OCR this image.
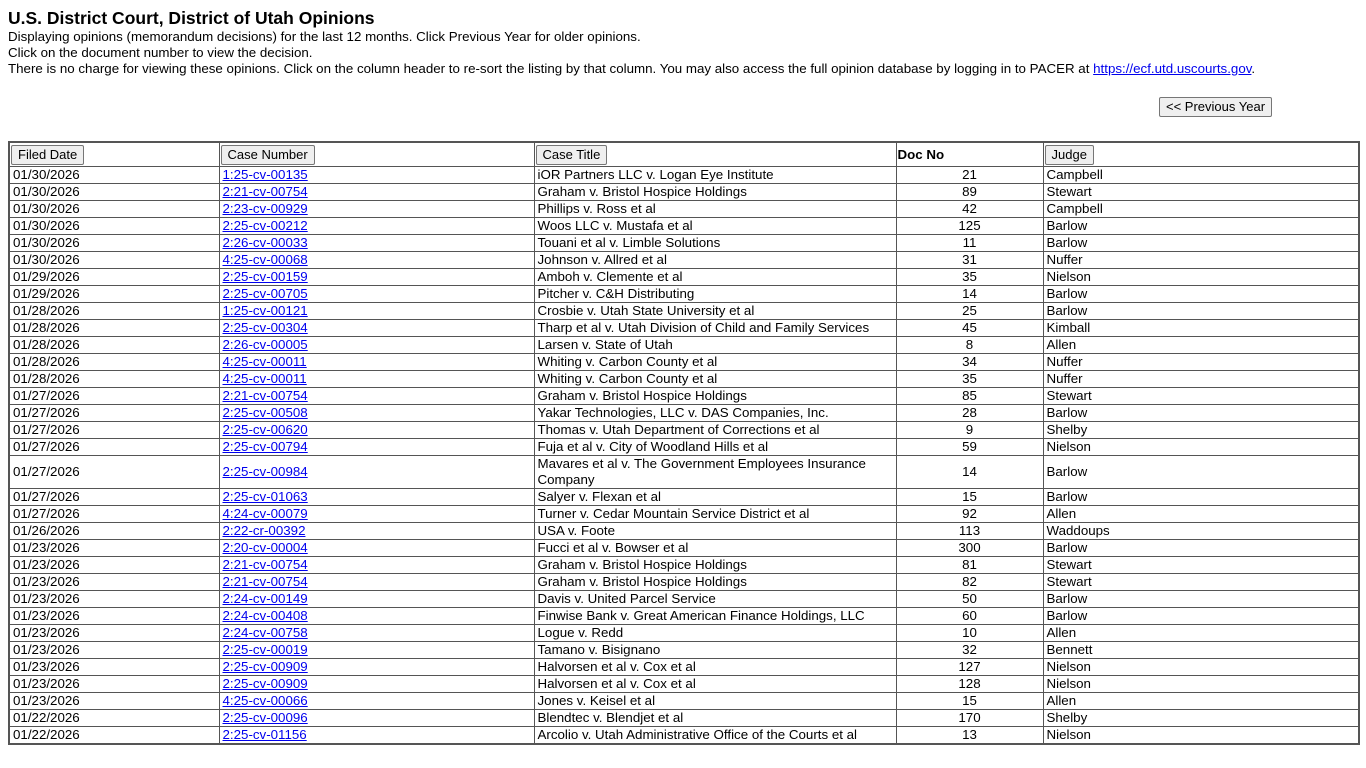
U.S. District Court, District of Utah Opinions

Displaying opinions (memorandum decisions) for the last 12 months. Click Previous Year for older opinions.

Click on the document number to view the decision.

There is no charge for viewing these opinions. Click on the column header to re-sort the listing by that column. You may also access the full opinion database by logging in to PACER at https://ecf.utd.uscourts.gov.

<< Previous Year
Filed Date	Case Number	Case Title	Doc No	Judge
01/30/2026	1:25-cv-00135	iOR Partners LLC v. Logan Eye Institute	21	Campbell
01/30/2026	2:21-cv-00754	Graham v. Bristol Hospice Holdings	89	Stewart
01/30/2026	2:23-cv-00929	Phillips v. Ross et al	42	Campbell
01/30/2026	2:25-cv-00212	Woos LLC v. Mustafa et al	125	Barlow
01/30/2026	2:26-cv-00033	Touani et al v. Limble Solutions	11	Barlow
01/30/2026	4:25-cv-00068	Johnson v. Allred et al	31	Nuffer
01/29/2026	2:25-cv-00159	Amboh v. Clemente et al	35	Nielson
01/29/2026	2:25-cv-00705	Pitcher v. C&H Distributing	14	Barlow
01/28/2026	1:25-cv-00121	Crosbie v. Utah State University et al	25	Barlow
01/28/2026	2:25-cv-00304	Tharp et al v. Utah Division of Child and Family Services	45	Kimball
01/28/2026	2:26-cv-00005	Larsen v. State of Utah	8	Allen
01/28/2026	4:25-cv-00011	Whiting v. Carbon County et al	34	Nuffer
01/28/2026	4:25-cv-00011	Whiting v. Carbon County et al	35	Nuffer
01/27/2026	2:21-cv-00754	Graham v. Bristol Hospice Holdings	85	Stewart
01/27/2026	2:25-cv-00508	Yakar Technologies, LLC v. DAS Companies, Inc.	28	Barlow
01/27/2026	2:25-cv-00620	Thomas v. Utah Department of Corrections et al	9	Shelby
01/27/2026	2:25-cv-00794	Fuja et al v. City of Woodland Hills et al	59	Nielson
01/27/2026	2:25-cv-00984	Mavares et al v. The Government Employees Insurance Company	14	Barlow
01/27/2026	2:25-cv-01063	Salyer v. Flexan et al	15	Barlow
01/27/2026	4:24-cv-00079	Turner v. Cedar Mountain Service District et al	92	Allen
01/26/2026	2:22-cr-00392	USA v. Foote	113	Waddoups
01/23/2026	2:20-cv-00004	Fucci et al v. Bowser et al	300	Barlow
01/23/2026	2:21-cv-00754	Graham v. Bristol Hospice Holdings	81	Stewart
01/23/2026	2:21-cv-00754	Graham v. Bristol Hospice Holdings	82	Stewart
01/23/2026	2:24-cv-00149	Davis v. United Parcel Service	50	Barlow
01/23/2026	2:24-cv-00408	Finwise Bank v. Great American Finance Holdings, LLC	60	Barlow
01/23/2026	2:24-cv-00758	Logue v. Redd	10	Allen
01/23/2026	2:25-cv-00019	Tamano v. Bisignano	32	Bennett
01/23/2026	2:25-cv-00909	Halvorsen et al v. Cox et al	127	Nielson
01/23/2026	2:25-cv-00909	Halvorsen et al v. Cox et al	128	Nielson
01/23/2026	4:25-cv-00066	Jones v. Keisel et al	15	Allen
01/22/2026	2:25-cv-00096	Blendtec v. Blendjet et al	170	Shelby
01/22/2026	2:25-cv-01156	Arcolio v. Utah Administrative Office of the Courts et al	13	Nielson
